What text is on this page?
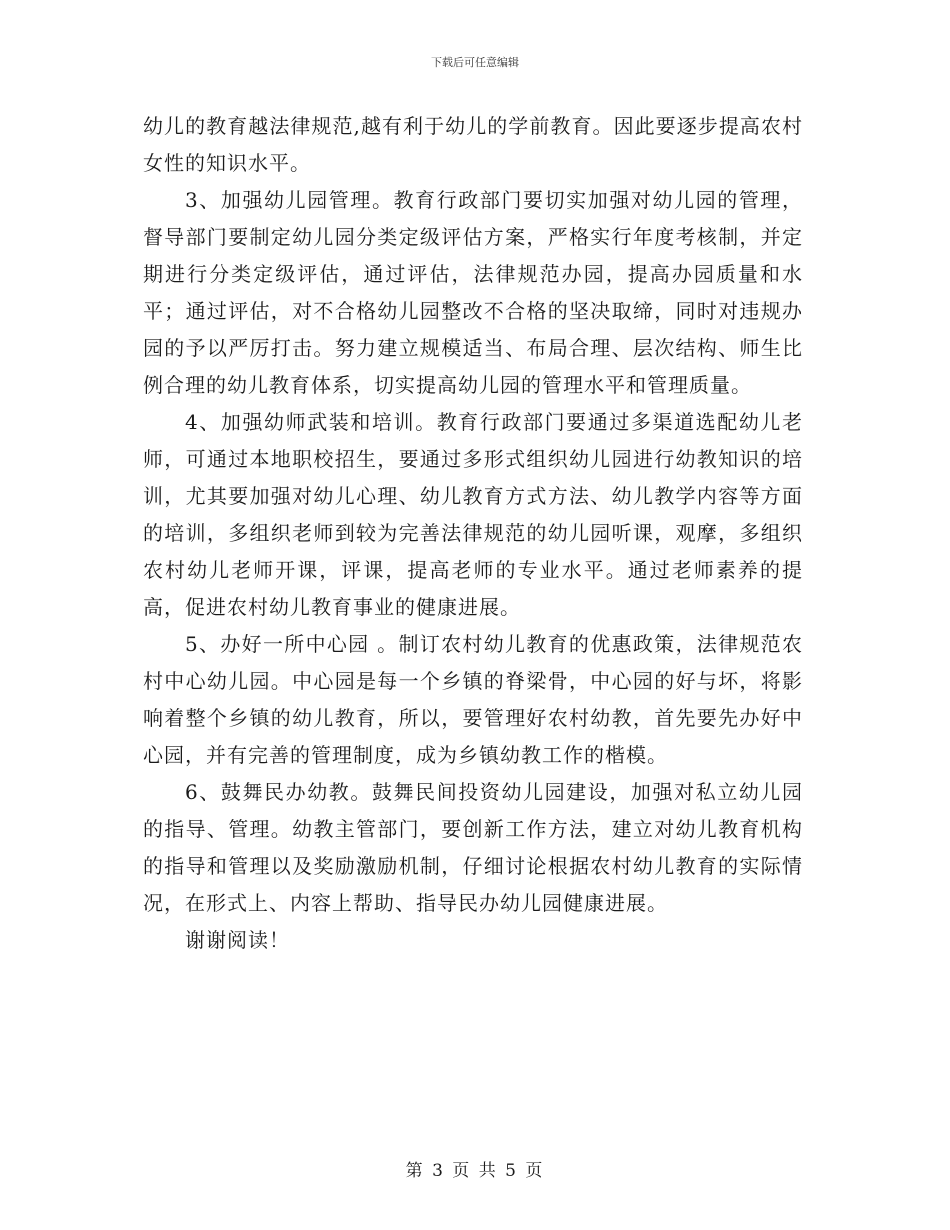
下载后可任意编辑

幼儿的教育越法律规范,越有利于幼儿的学前教育。因此要逐步提高农村女性的知识水平。

3、加强幼儿园管理。教育行政部门要切实加强对幼儿园的管理，督导部门要制定幼儿园分类定级评估方案，严格实行年度考核制，并定期进行分类定级评估，通过评估，法律规范办园，提高办园质量和水平；通过评估，对不合格幼儿园整改不合格的坚决取缔，同时对违规办园的予以严厉打击。努力建立规模适当、布局合理、层次结构、师生比例合理的幼儿教育体系，切实提高幼儿园的管理水平和管理质量。

4、加强幼师武装和培训。教育行政部门要通过多渠道选配幼儿老师，可通过本地职校招生，要通过多形式组织幼儿园进行幼教知识的培训，尤其要加强对幼儿心理、幼儿教育方式方法、幼儿教学内容等方面的培训，多组织老师到较为完善法律规范的幼儿园听课，观摩，多组织农村幼儿老师开课，评课，提高老师的专业水平。通过老师素养的提高，促进农村幼儿教育事业的健康进展。

5、办好一所中心园 。制订农村幼儿教育的优惠政策，法律规范农村中心幼儿园。中心园是每一个乡镇的脊梁骨，中心园的好与坏，将影响着整个乡镇的幼儿教育，所以，要管理好农村幼教，首先要先办好中心园，并有完善的管理制度，成为乡镇幼教工作的楷模。

6、鼓舞民办幼教。鼓舞民间投资幼儿园建设，加强对私立幼儿园的指导、管理。幼教主管部门，要创新工作方法，建立对幼儿教育机构的指导和管理以及奖励激励机制，仔细讨论根据农村幼儿教育的实际情况，在形式上、内容上帮助、指导民办幼儿园健康进展。

谢谢阅读！

第 3 页 共 5 页
